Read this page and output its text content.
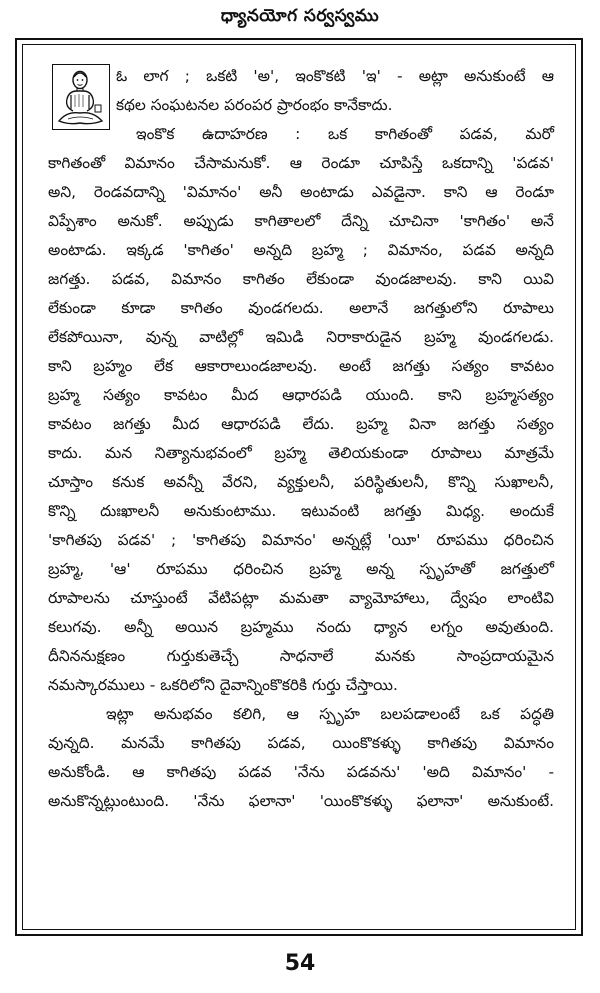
ధ్యానయోగ సర్వస్వము
ఓ లాగ ; ఒకటి 'అ', ఇంకొకటి 'ఇ' - అట్లా అనుకుంటే ఆ
కథల సంఘటనల పరంపర ప్రారంభం కానేకాదు.
ఇంకొక ఉదాహరణ : ఒక కాగితంతో పడవ, మరో
కాగితంతో విమానం చేసామనుకో. ఆ రెండూ చూపిస్తే ఒకదాన్ని 'పడవ'
అని, రెండవదాన్ని 'విమానం' అనీ అంటాడు ఎవడైనా. కాని ఆ రెండూ
విప్పేశాం అనుకో. అప్పుడు కాగితాలలో దేన్ని చూచినా 'కాగితం' అనే
అంటాడు. ఇక్కడ 'కాగితం' అన్నది బ్రహ్మ ; విమానం, పడవ అన్నది
జగత్తు. పడవ, విమానం కాగితం లేకుండా వుండజాలవు. కాని యివి
లేకుండా కూడా కాగితం వుండగలదు. అలానే జగత్తులోని రూపాలు
లేకపోయినా, వున్న వాటిల్లో ఇమిడి నిరాకారుడైన బ్రహ్మ వుండగలడు.
కాని బ్రహ్మం లేక ఆకారాలుండజాలవు. అంటే జగత్తు సత్యం కావటం
బ్రహ్మ సత్యం కావటం మీద ఆధారపడి యుంది. కాని బ్రహ్మసత్యం
కావటం జగత్తు మీద ఆధారపడి లేదు. బ్రహ్మ వినా జగత్తు సత్యం
కాదు. మన నిత్యానుభవంలో బ్రహ్మ తెలియకుండా రూపాలు మాత్రమే
చూస్తాం కనుక అవన్నీ వేరని, వ్యక్తులనీ, పరిస్థితులనీ, కొన్ని సుఖాలనీ,
కొన్ని దుఃఖాలనీ అనుకుంటాము. ఇటువంటి జగత్తు మిధ్య. అందుకే
'కాగితపు పడవ' ; 'కాగితపు విమానం' అన్నట్లే 'యీ' రూపము ధరించిన
బ్రహ్మ, 'ఆ' రూపము ధరించిన బ్రహ్మ అన్న స్పృహతో జగత్తులో
రూపాలను చూస్తుంటే వేటిపట్లా మమతా వ్యామోహాలు, ద్వేషం లాంటివి
కలుగవు. అన్నీ అయిన బ్రహ్మము నందు ధ్యాన లగ్నం అవుతుంది.
దీనిననుక్షణం గుర్తుకుతెచ్చే సాధనాలే మనకు సాంప్రదాయమైన
నమస్కారములు - ఒకరిలోని దైవాన్నింకొకరికి గుర్తు చేస్తాయి.
ఇట్లా అనుభవం కలిగి, ఆ స్పృహ బలపడాలంటే ఒక పద్ధతి
వున్నది. మనమే కాగితపు పడవ, యింకొకళ్ళు కాగితపు విమానం
అనుకోండి. ఆ కాగితపు పడవ 'నేను పడవను' 'అది విమానం' -
అనుకొన్నట్లుంటుంది. 'నేను ఫలానా' 'యింకొకళ్ళు ఫలానా' అనుకుంటే.
54
